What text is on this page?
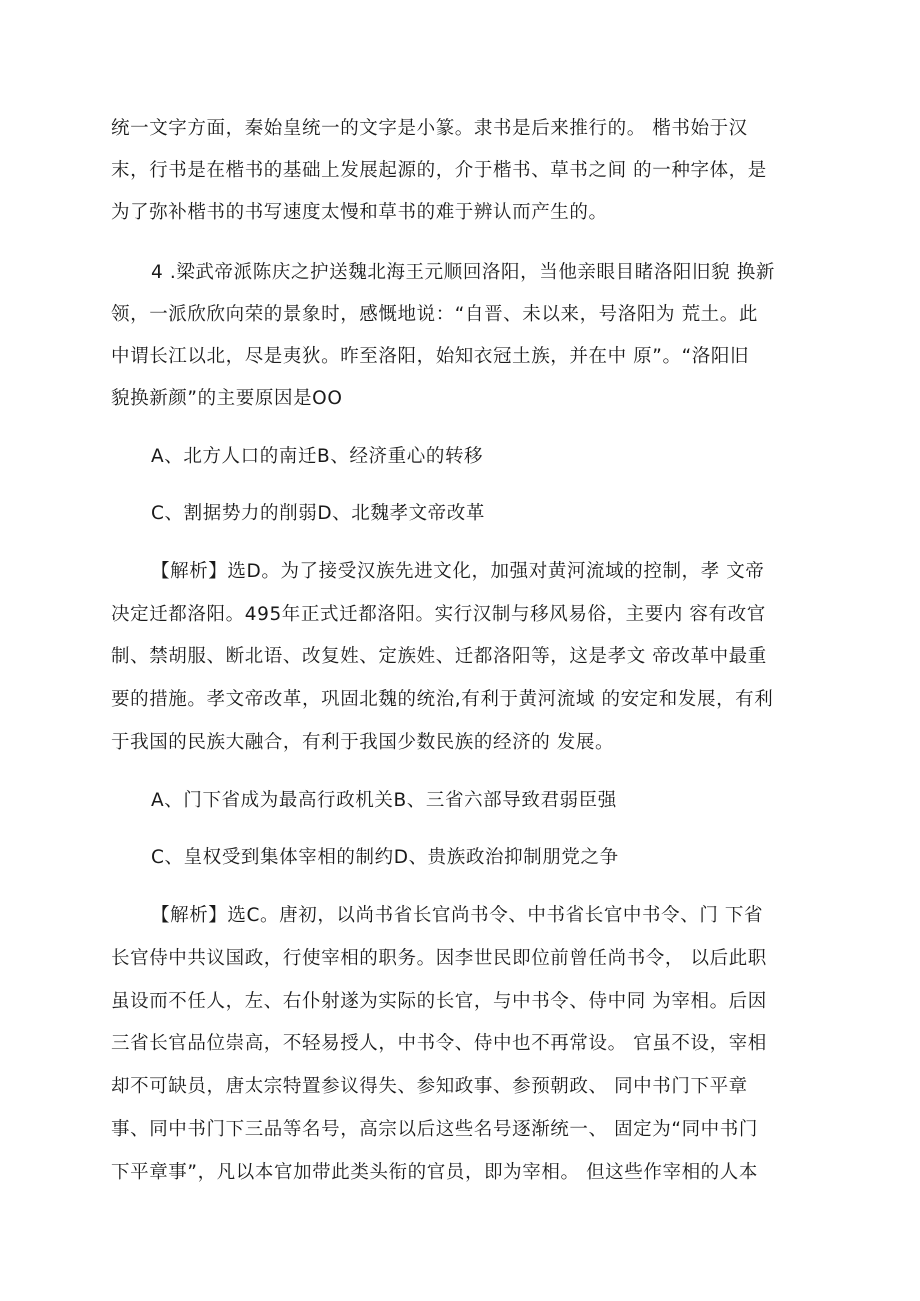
统一文字方面，秦始皇统一的文字是小篆。隶书是后来推行的。 楷书始于汉
末，行书是在楷书的基础上发展起源的，介于楷书、草书之间 的一种字体，是
为了弥补楷书的书写速度太慢和草书的难于辨认而产生的。
4 .梁武帝派陈庆之护送魏北海王元顺回洛阳，当他亲眼目睹洛阳旧貌 换新
领，一派欣欣向荣的景象时，感慨地说：“自晋、未以来，号洛阳为 荒土。此
中谓长江以北，尽是夷狄。昨至洛阳，始知衣冠土族，并在中 原”。“洛阳旧
貌换新颜”的主要原因是OO
A、北方人口的南迁B、经济重心的转移
C、割据势力的削弱D、北魏孝文帝改革
【解析】选D。为了接受汉族先进文化，加强对黄河流域的控制，孝 文帝
决定迁都洛阳。495年正式迁都洛阳。实行汉制与移风易俗，主要内 容有改官
制、禁胡服、断北语、改复姓、定族姓、迁都洛阳等，这是孝文 帝改革中最重
要的措施。孝文帝改革，巩固北魏的统治,有利于黄河流域 的安定和发展，有利
于我国的民族大融合，有利于我国少数民族的经济的 发展。
A、门下省成为最高行政机关B、三省六部导致君弱臣强
C、皇权受到集体宰相的制约D、贵族政治抑制朋党之争
【解析】选C。唐初，以尚书省长官尚书令、中书省长官中书令、门 下省
长官侍中共议国政，行使宰相的职务。因李世民即位前曾任尚书令， 以后此职
虽设而不任人，左、右仆射遂为实际的长官，与中书令、侍中同 为宰相。后因
三省长官品位崇高，不轻易授人，中书令、侍中也不再常设。 官虽不设，宰相
却不可缺员，唐太宗特置参议得失、参知政事、参预朝政、 同中书门下平章
事、同中书门下三品等名号，高宗以后这些名号逐渐统一、 固定为“同中书门
下平章事”，凡以本官加带此类头衔的官员，即为宰相。 但这些作宰相的人本
